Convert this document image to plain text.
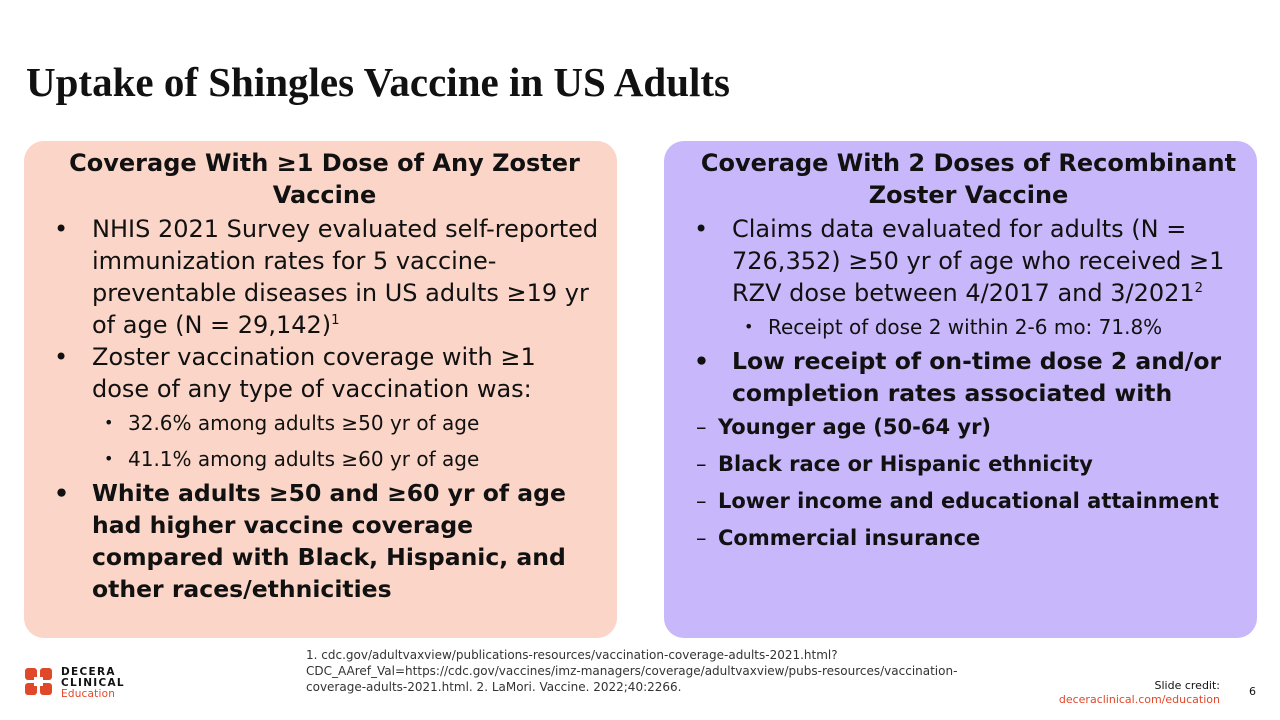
Uptake of Shingles Vaccine in US Adults

Coverage With ≥1 Dose of Any Zoster Vaccine

• NHIS 2021 Survey evaluated self-reported immunization rates for 5 vaccine-preventable diseases in US adults ≥19 yr of age (N = 29,142)$^1$

• Zoster vaccination coverage with ≥1 dose of any type of vaccination was:

• 32.6% among adults ≥50 yr of age

• 41.1% among adults ≥60 yr of age

• White adults ≥50 and ≥60 yr of age had higher vaccine coverage compared with Black, Hispanic, and other races/ethnicities

Coverage With 2 Doses of Recombinant Zoster Vaccine

• Claims data evaluated for adults (N = 726,352) ≥50 yr of age who received ≥1 RZV dose between 4/2017 and 3/2021$^2$

• Receipt of dose 2 within 2-6 mo: 71.8%

• Low receipt of on-time dose 2 and/or completion rates associated with

– Younger age (50-64 yr)

– Black race or Hispanic ethnicity

– Lower income and educational attainment

– Commercial insurance

DECERA
CLINICAL
Education
1. cdc.gov/adultvaxview/publications-resources/vaccination-coverage-adults-2021.html?CDC_AAref_Val=https://cdc.gov/vaccines/imz-managers/coverage/adultvaxview/pubs-resources/vaccination-coverage-adults-2021.html. 2. LaMori. Vaccine. 2022;40:2266.	Slide credit:
deceraclinical.com/education
6
